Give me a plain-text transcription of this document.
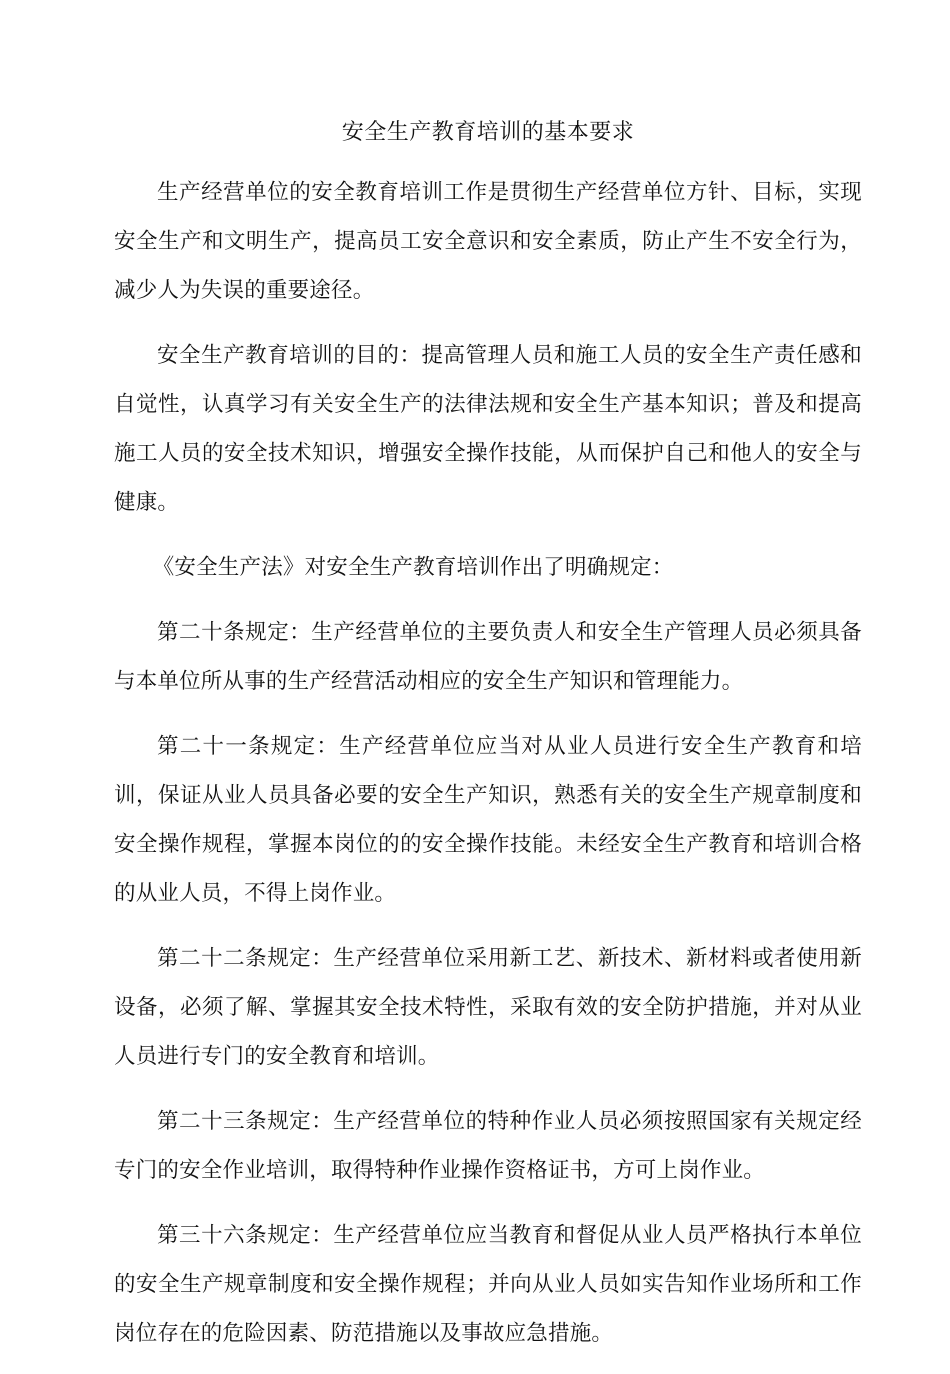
安全生产教育培训的基本要求

生产经营单位的安全教育培训工作是贯彻生产经营单位方针、目标，实现安全生产和文明生产，提高员工安全意识和安全素质，防止产生不安全行为，减少人为失误的重要途径。

安全生产教育培训的目的：提高管理人员和施工人员的安全生产责任感和自觉性，认真学习有关安全生产的法律法规和安全生产基本知识；普及和提高施工人员的安全技术知识，增强安全操作技能，从而保护自己和他人的安全与健康。

《安全生产法》对安全生产教育培训作出了明确规定：

第二十条规定：生产经营单位的主要负责人和安全生产管理人员必须具备与本单位所从事的生产经营活动相应的安全生产知识和管理能力。

第二十一条规定：生产经营单位应当对从业人员进行安全生产教育和培训，保证从业人员具备必要的安全生产知识，熟悉有关的安全生产规章制度和安全操作规程，掌握本岗位的的安全操作技能。未经安全生产教育和培训合格的从业人员，不得上岗作业。

第二十二条规定：生产经营单位采用新工艺、新技术、新材料或者使用新设备，必须了解、掌握其安全技术特性，采取有效的安全防护措施，并对从业人员进行专门的安全教育和培训。

第二十三条规定：生产经营单位的特种作业人员必须按照国家有关规定经专门的安全作业培训，取得特种作业操作资格证书，方可上岗作业。

第三十六条规定：生产经营单位应当教育和督促从业人员严格执行本单位的安全生产规章制度和安全操作规程；并向从业人员如实告知作业场所和工作岗位存在的危险因素、防范措施以及事故应急措施。
